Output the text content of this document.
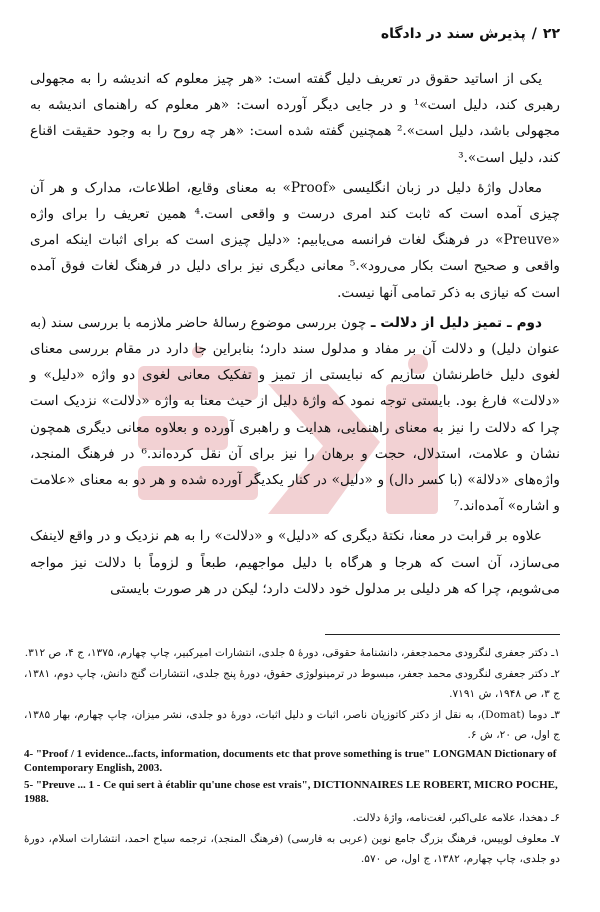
۲۲/پذیرش سند در دادگاه

یکی از اساتید حقوق در تعریف دلیل گفته است: «هر چیز معلوم که اندیشه را به مجهولی رهبری کند، دلیل است»¹ و در جایی دیگر آورده است: «هر معلوم که راهنمای اندیشه به مجهولی باشد، دلیل است».² همچنین گفته شده است: «هر چه روح را به وجود حقیقت اقناع کند، دلیل است».³

معادل واژهٔ دلیل در زبان انگلیسی «Proof» به معنای وقایع، اطلاعات، مدارک و هر آن چیزی آمده است که ثابت کند امری درست و واقعی است.⁴ همین تعریف را برای واژه «Preuve» در فرهنگ لغات فرانسه می‌یابیم: «دلیل چیزی است که برای اثبات اینکه امری واقعی و صحیح است بکار می‌رود».⁵ معانی دیگری نیز برای دلیل در فرهنگ لغات فوق آمده است که نیازی به ذکر تمامی آنها نیست.

دوم ـ تمیز دلیل از دلالت ـ چون بررسی موضوع رسالهٔ حاضر ملازمه با بررسی سند (به عنوان دلیل) و دلالت آن بر مفاد و مدلول سند دارد؛ بنابراین جا دارد در مقام بررسی معنای لغوی دلیل خاطرنشان سازیم که نبایستی از تمیز و تفکیک معانی لغوی دو واژه «دلیل» و «دلالت» فارغ بود. بایستی توجه نمود که واژهٔ دلیل از حیث معنا به واژه «دلالت» نزدیک است چرا که دلالت را نیز به معنای راهنمایی، هدایت و راهبری آورده و بعلاوه معانی دیگری همچون نشان و علامت، استدلال، حجت و برهان را نیز برای آن نقل کرده‌اند.⁶ در فرهنگ المنجد، واژه‌های «دلالة» (با کسر دال) و «دلیل» در کنار یکدیگر آورده شده و هر دو به معنای «علامت و اشاره» آمده‌اند.⁷

علاوه بر قرابت در معنا، نکتهٔ دیگری که «دلیل» و «دلالت» را به هم نزدیک و در واقع لاینفک می‌سازد، آن است که هرجا و هرگاه با دلیل مواجهیم، طبعاً و لزوماً با دلالت نیز مواجه می‌شویم، چرا که هر دلیلی بر مدلول خود دلالت دارد؛ لیکن در هر صورت بایستی

۱ـ دکتر جعفری لنگرودی محمدجعفر، دانشنامهٔ حقوقی، دورهٔ ۵ جلدی، انتشارات امیرکبیر، چاپ چهارم، ۱۳۷۵، ج ۴، ص ۳۱۲.
۲ـ دکتر جعفری لنگرودی محمد جعفر، مبسوط در ترمینولوژی حقوق، دورهٔ پنج جلدی، انتشارات گنج دانش، چاپ دوم، ۱۳۸۱، ج ۳، ص ۱۹۴۸، ش ۷۱۹۱.
۳ـ دوما (Domat)، به نقل از دکتر کاتوزیان ناصر، اثبات و دلیل اثبات، دورهٔ دو جلدی، نشر میزان، چاپ چهارم، بهار ۱۳۸۵، ج اول، ص ۲۰، ش ۶.
4- "Proof / 1 evidence...facts, information, documents etc that prove something is true" LONGMAN Dictionary of Contemporary English, 2003.
5- "Preuve ... 1 - Ce qui sert à établir qu'une chose est vrais", DICTIONNAIRES LE ROBERT, MICRO POCHE, 1988.
۶ـ دهخدا، علامه علی‌اکبر، لغت‌نامه، واژهٔ دلالت.
۷ـ معلوف لوییس، فرهنگ بزرگ جامع نوین (عربی به فارسی) (فرهنگ المنجد)، ترجمه سیاح احمد، انتشارات اسلام، دورهٔ دو جلدی، چاپ چهارم، ۱۳۸۲، ج اول، ص ۵۷۰.
